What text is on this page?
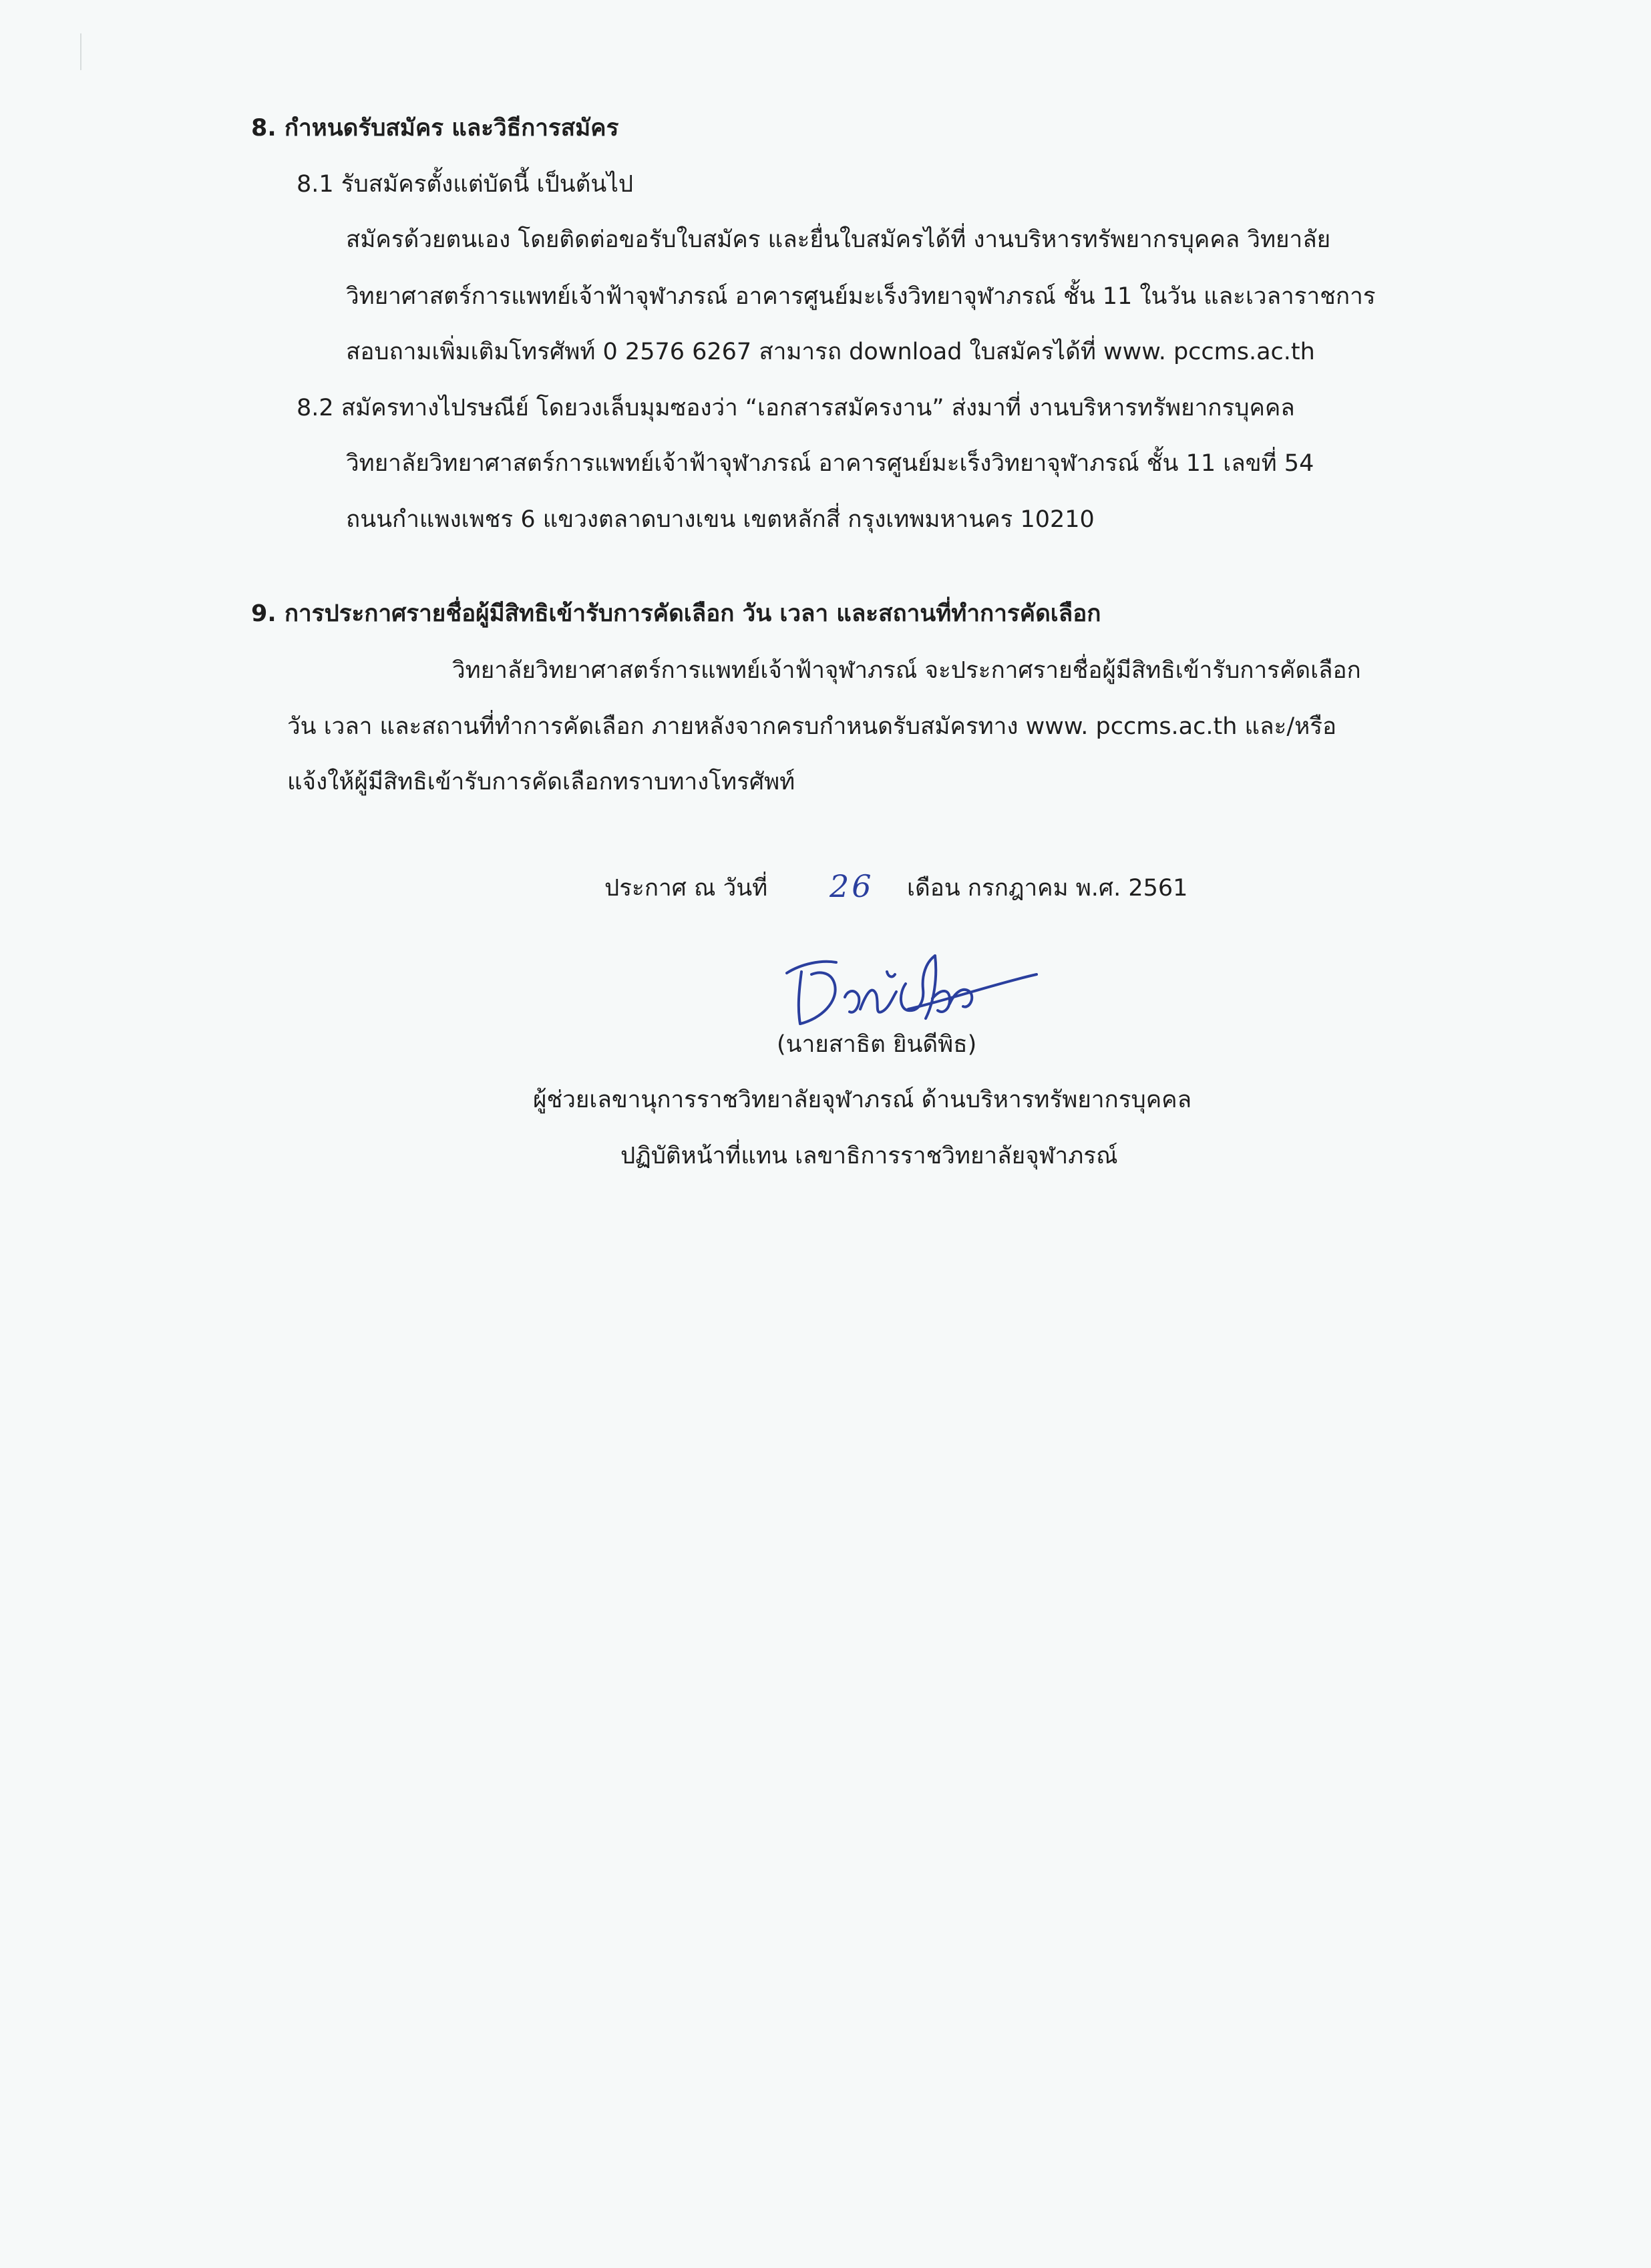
8. กำหนดรับสมัคร และวิธีการสมัคร
8.1 รับสมัครตั้งแต่บัดนี้ เป็นต้นไป
สมัครด้วยตนเอง โดยติดต่อขอรับใบสมัคร และยื่นใบสมัครได้ที่ งานบริหารทรัพยากรบุคคล วิทยาลัย
วิทยาศาสตร์การแพทย์เจ้าฟ้าจุฬาภรณ์ อาคารศูนย์มะเร็งวิทยาจุฬาภรณ์ ชั้น 11 ในวัน และเวลาราชการ
สอบถามเพิ่มเติมโทรศัพท์ 0 2576 6267 สามารถ download ใบสมัครได้ที่ www. pccms.ac.th
8.2 สมัครทางไปรษณีย์ โดยวงเล็บมุมซองว่า “เอกสารสมัครงาน” ส่งมาที่ งานบริหารทรัพยากรบุคคล
วิทยาลัยวิทยาศาสตร์การแพทย์เจ้าฟ้าจุฬาภรณ์ อาคารศูนย์มะเร็งวิทยาจุฬาภรณ์ ชั้น 11 เลขที่ 54
ถนนกำแพงเพชร 6 แขวงตลาดบางเขน เขตหลักสี่ กรุงเทพมหานคร 10210
9. การประกาศรายชื่อผู้มีสิทธิเข้ารับการคัดเลือก วัน เวลา และสถานที่ทำการคัดเลือก
วิทยาลัยวิทยาศาสตร์การแพทย์เจ้าฟ้าจุฬาภรณ์ จะประกาศรายชื่อผู้มีสิทธิเข้ารับการคัดเลือก
วัน เวลา และสถานที่ทำการคัดเลือก ภายหลังจากครบกำหนดรับสมัครทาง www. pccms.ac.th และ/หรือ
แจ้งให้ผู้มีสิทธิเข้ารับการคัดเลือกทราบทางโทรศัพท์
ประกาศ ณ วันที่ 26 เดือน กรกฎาคม พ.ศ. 2561
(นายสาธิต ยินดีพิธ)
ผู้ช่วยเลขานุการราชวิทยาลัยจุฬาภรณ์ ด้านบริหารทรัพยากรบุคคล
ปฏิบัติหน้าที่แทน เลขาธิการราชวิทยาลัยจุฬาภรณ์
